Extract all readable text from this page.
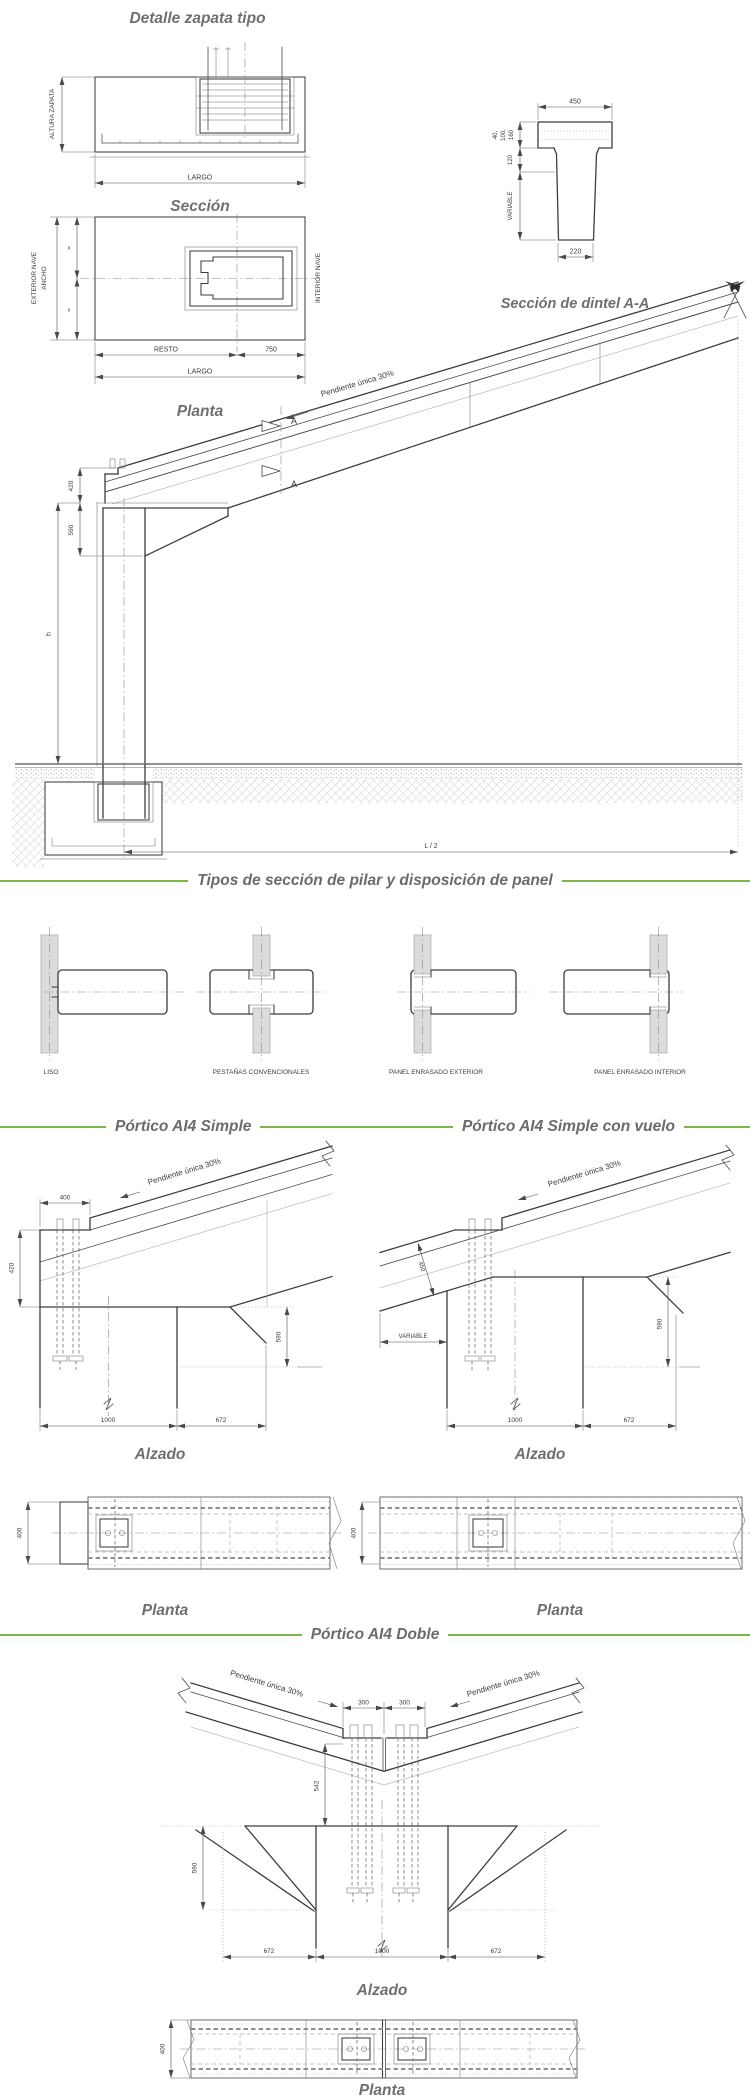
Detalle zapata tipo
ALTURA ZAPATA
LARGO
Sección
EXTERIOR NAVE ANCHO
=
=
INTERIOR NAVE
RESTO	750
LARGO
Planta
450
40, 100, 160
120
VARIABLE
220
Sección de dintel A-A
Pendiente única 30%
A
A
420
590
h
L / 2
Tipos de sección de pilar y disposición de panel
LISO	PESTAÑAS CONVENCIONALES	PANEL ENRASADO EXTERIOR	PANEL ENRASADO INTERIOR
Pórtico AI4 Simple	Pórtico AI4 Simple con vuelo
400
Pendiente única 30%
420
590
1000	672
Alzado
400
Planta
Pendiente única 30%
450
VARIABLE
590
1000	672
Alzado
400
Planta
Pórtico AI4 Doble
Pendiente única 30%	Pendiente única 30%
300	300
542
590
672	1000	672
Alzado
400
Planta
